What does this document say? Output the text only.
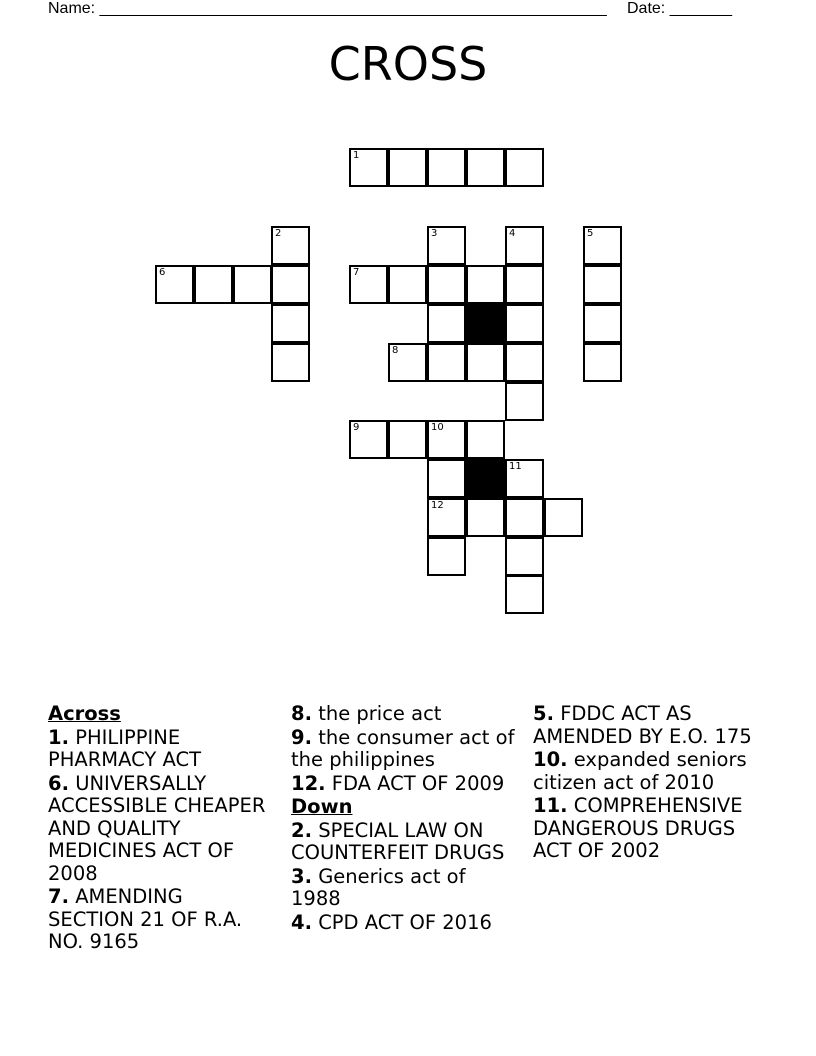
Name: _________________________________________________________ Date: _______
CROSS
1
2	3	4	5
6	7
8
9	10
11
12
Across
1. PHILIPPINE PHARMACY ACT
6. UNIVERSALLY ACCESSIBLE CHEAPER AND QUALITY MEDICINES ACT OF 2008
7. AMENDING SECTION 21 OF R.A. NO. 9165
8. the price act
9. the consumer act of the philippines
12. FDA ACT OF 2009
Down
2. SPECIAL LAW ON COUNTERFEIT DRUGS
3. Generics act of 1988
4. CPD ACT OF 2016
5. FDDC ACT AS AMENDED BY E.O. 175
10. expanded seniors citizen act of 2010
11. COMPREHENSIVE DANGEROUS DRUGS ACT OF 2002
